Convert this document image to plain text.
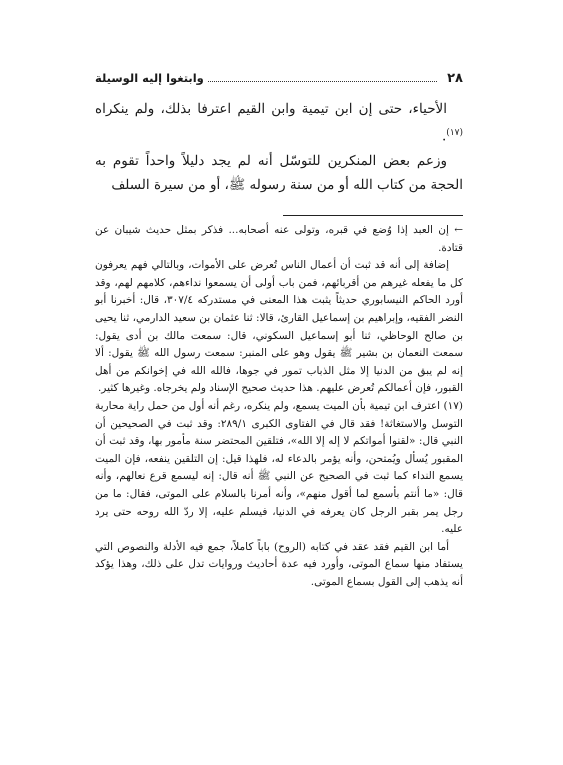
٢٨
وابتغوا إليه الوسيلة

الأحياء، حتى إن ابن تيمية وابن القيم اعترفا بذلك، ولم ينكراه $^{(١٧)}$.

وزعم بعض المنكرين للتوسّل أنه لم يجد دليلاً واحداً تقوم به الحجة من كتاب الله أو من سنة رسوله ﷺ، أو من سيرة السلف

← إن العبد إذا وُضع في قبره، وتولى عنه أصحابه... فذكر بمثل حديث شيبان عن قتادة.

إضافة إلى أنه قد ثبت أن أعمال الناس تُعرض على الأموات، وبالتالي فهم يعرفون كل ما يفعله غيرهم من أقربائهم، فمن باب أولى أن يسمعوا نداءهم، كلامهم لهم، وقد أورد الحاكم النيسابوري حديثاً يثبت هذا المعنى في مستدركه ٣٠٧/٤، قال: أخبرنا أبو النضر الفقيه، وإبراهيم بن إسماعيل القارئ، قالا: ثنا عثمان بن سعيد الدارمي، ثنا يحيى بن صالح الوحاظي، ثنا أبو إسماعيل السكوني، قال: سمعت مالك بن أدى يقول: سمعت النعمان بن بشير ﷺ يقول وهو على المنبر: سمعت رسول الله ﷺ يقول: ألا إنه لم يبق من الدنيا إلا مثل الذباب تمور في جوها، فالله الله في إخوانكم من أهل القبور، فإن أعمالكم تُعرض عليهم. هذا حديث صحيح الإسناد ولم يخرجاه. وغيرها كثير.

(١٧) اعترف ابن تيمية بأن الميت يسمع، ولم ينكره، رغم أنه أول من حمل راية محاربة التوسل والاستغاثة! فقد قال في الفتاوى الكبرى ٢٨٩/١: وقد ثبت في الصحيحين أن النبي قال: «لقنوا أمواتكم لا إله إلا الله»، فتلقين المحتضر سنة مأمور بها، وقد ثبت أن المقبور يُسأل ويُمتحن، وأنه يؤمر بالدعاء له، فلهذا قيل: إن التلقين ينفعه، فإن الميت يسمع النداء كما ثبت في الصحيح عن النبي ﷺ أنه قال: إنه ليسمع قرع نعالهم، وأنه قال: «ما أنتم بأسمع لما أقول منهم»، وأنه أمرنا بالسلام على الموتى، فقال: ما من رجل يمر بقبر الرجل كان يعرفه في الدنيا، فيسلم عليه، إلا ردّ الله روحه حتى يرد عليه.

أما ابن القيم فقد عقد في كتابه (الروح) باباً كاملاً، جمع فيه الأدلة والنصوص التي يستفاد منها سماع الموتى، وأورد فيه عدة أحاديث وروايات تدل على ذلك، وهذا يؤكد أنه يذهب إلى القول بسماع الموتى.
